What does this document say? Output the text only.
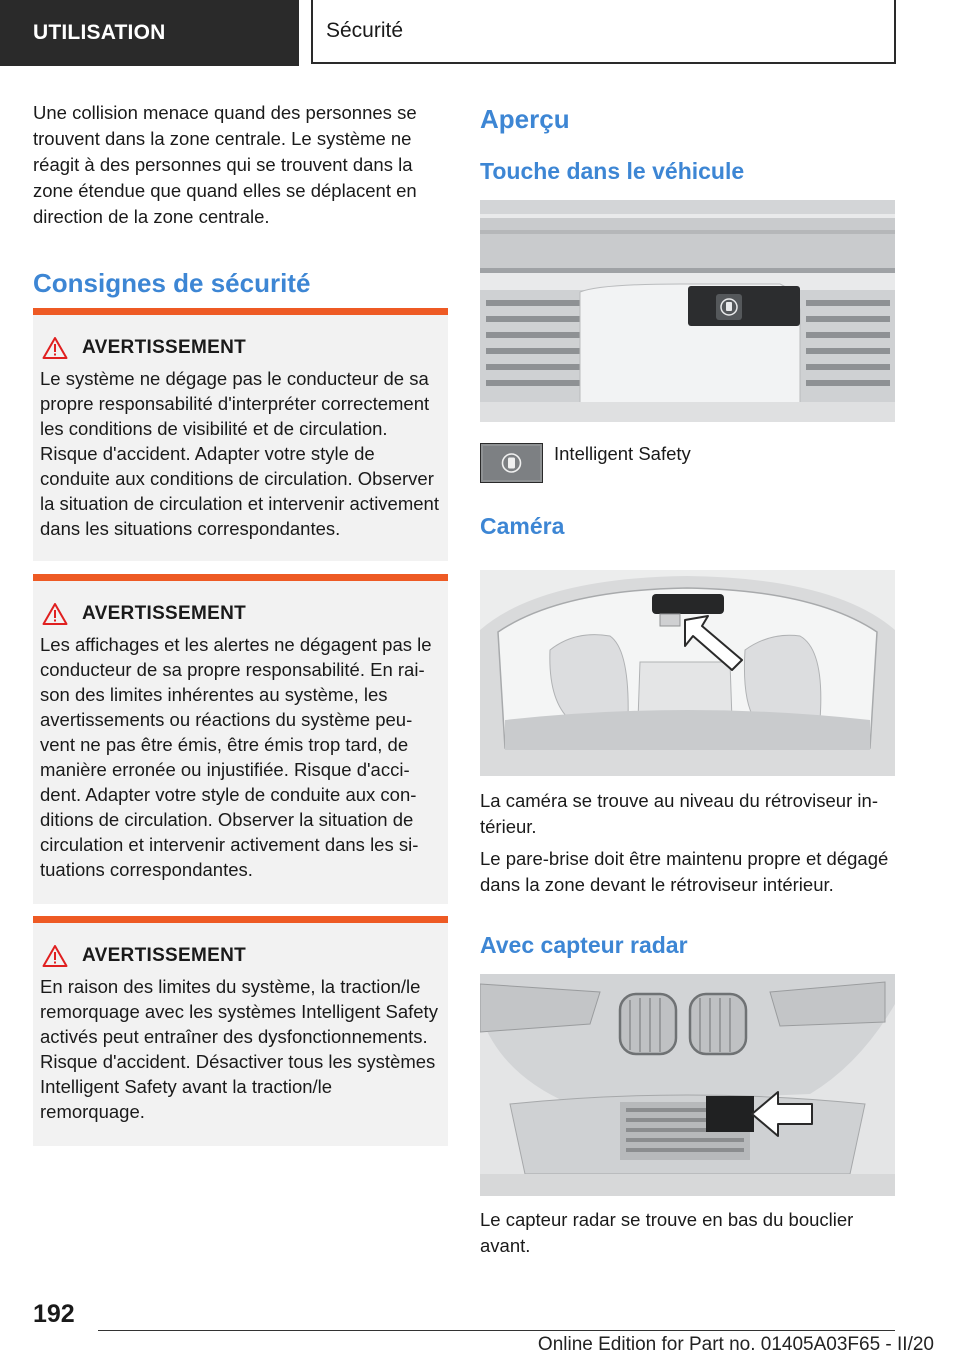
UTILISATION	Sécurité

Une collision menace quand des personnes se trouvent dans la zone centrale. Le système ne réagit à des personnes qui se trouvent dans la zone étendue que quand elles se déplacent en direction de la zone centrale.

Consignes de sécurité
AVERTISSEMENT

Le système ne dégage pas le conducteur de sa propre responsabilité d'interpréter correctement les conditions de visibilité et de circulation. Risque d'accident. Adapter votre style de conduite aux conditions de circulation. Observer la situation de circulation et intervenir activement dans les situations correspondantes.

AVERTISSEMENT

Les affichages et les alertes ne dégagent pas le conducteur de sa propre responsabilité. En raison des limites inhérentes au système, les avertissements ou réactions du système peuvent ne pas être émis, être émis trop tard, de manière erronée ou injustifiée. Risque d'accident. Adapter votre style de conduite aux conditions de circulation. Observer la situation de circulation et intervenir activement dans les situations correspondantes.

AVERTISSEMENT

En raison des limites du système, la traction/le remorquage avec les systèmes Intelligent Safety activés peut entraîner des dysfonctionnements. Risque d'accident. Désactiver tous les systèmes Intelligent Safety avant la traction/le remorquage.

Aperçu
Touche dans le véhicule
Intelligent Safety
Caméra

La caméra se trouve au niveau du rétroviseur intérieur.

Le pare-brise doit être maintenu propre et dégagé dans la zone devant le rétroviseur intérieur.

Avec capteur radar

Le capteur radar se trouve en bas du bouclier avant.

192
Online Edition for Part no. 01405A03F65 - II/20
